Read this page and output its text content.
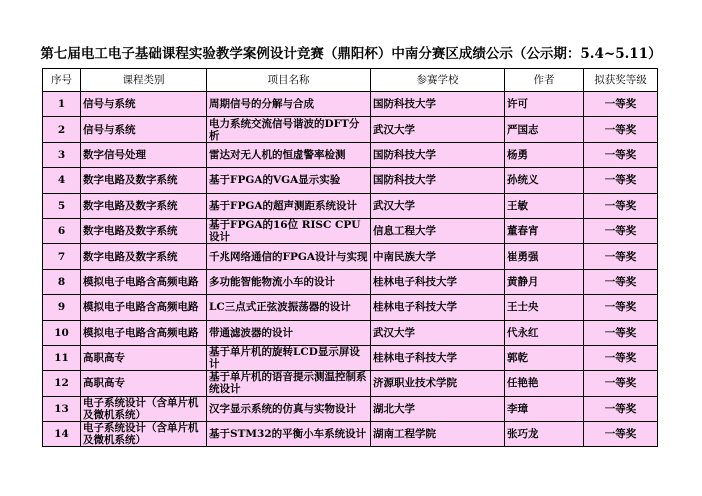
第七届电工电子基础课程实验教学案例设计竞赛（鼎阳杯）中南分赛区成绩公示（公示期：5.4~5.11）
序号	课程类别	项目名称	参赛学校	作者	拟获奖等级
1	信号与系统	周期信号的分解与合成	国防科技大学	许可	一等奖
2	信号与系统	电力系统交流信号谐波的DFT分析	武汉大学	严国志	一等奖
3	数字信号处理	雷达对无人机的恒虚警率检测	国防科技大学	杨勇	一等奖
4	数字电路及数字系统	基于FPGA的VGA显示实验	国防科技大学	孙统义	一等奖
5	数字电路及数字系统	基于FPGA的超声测距系统设计	武汉大学	王敏	一等奖
6	数字电路及数字系统	基于FPGA的16位 RISC CPU设计	信息工程大学	董春宵	一等奖
7	数字电路及数字系统	千兆网络通信的FPGA设计与实现	中南民族大学	崔勇强	一等奖
8	模拟电子电路含高频电路	多功能智能物流小车的设计	桂林电子科技大学	黄静月	一等奖
9	模拟电子电路含高频电路	LC三点式正弦波振荡器的设计	桂林电子科技大学	王士央	一等奖
10	模拟电子电路含高频电路	带通滤波器的设计	武汉大学	代永红	一等奖
11	高职高专	基于单片机的旋转LCD显示屏设计	桂林电子科技大学	郭乾	一等奖
12	高职高专	基于单片机的语音提示测温控制系统设计	济源职业技术学院	任艳艳	一等奖
13	电子系统设计（含单片机及微机系统）	汉字显示系统的仿真与实物设计	湖北大学	李璋	一等奖
14	电子系统设计（含单片机及微机系统）	基于STM32的平衡小车系统设计	湖南工程学院	张巧龙	一等奖
